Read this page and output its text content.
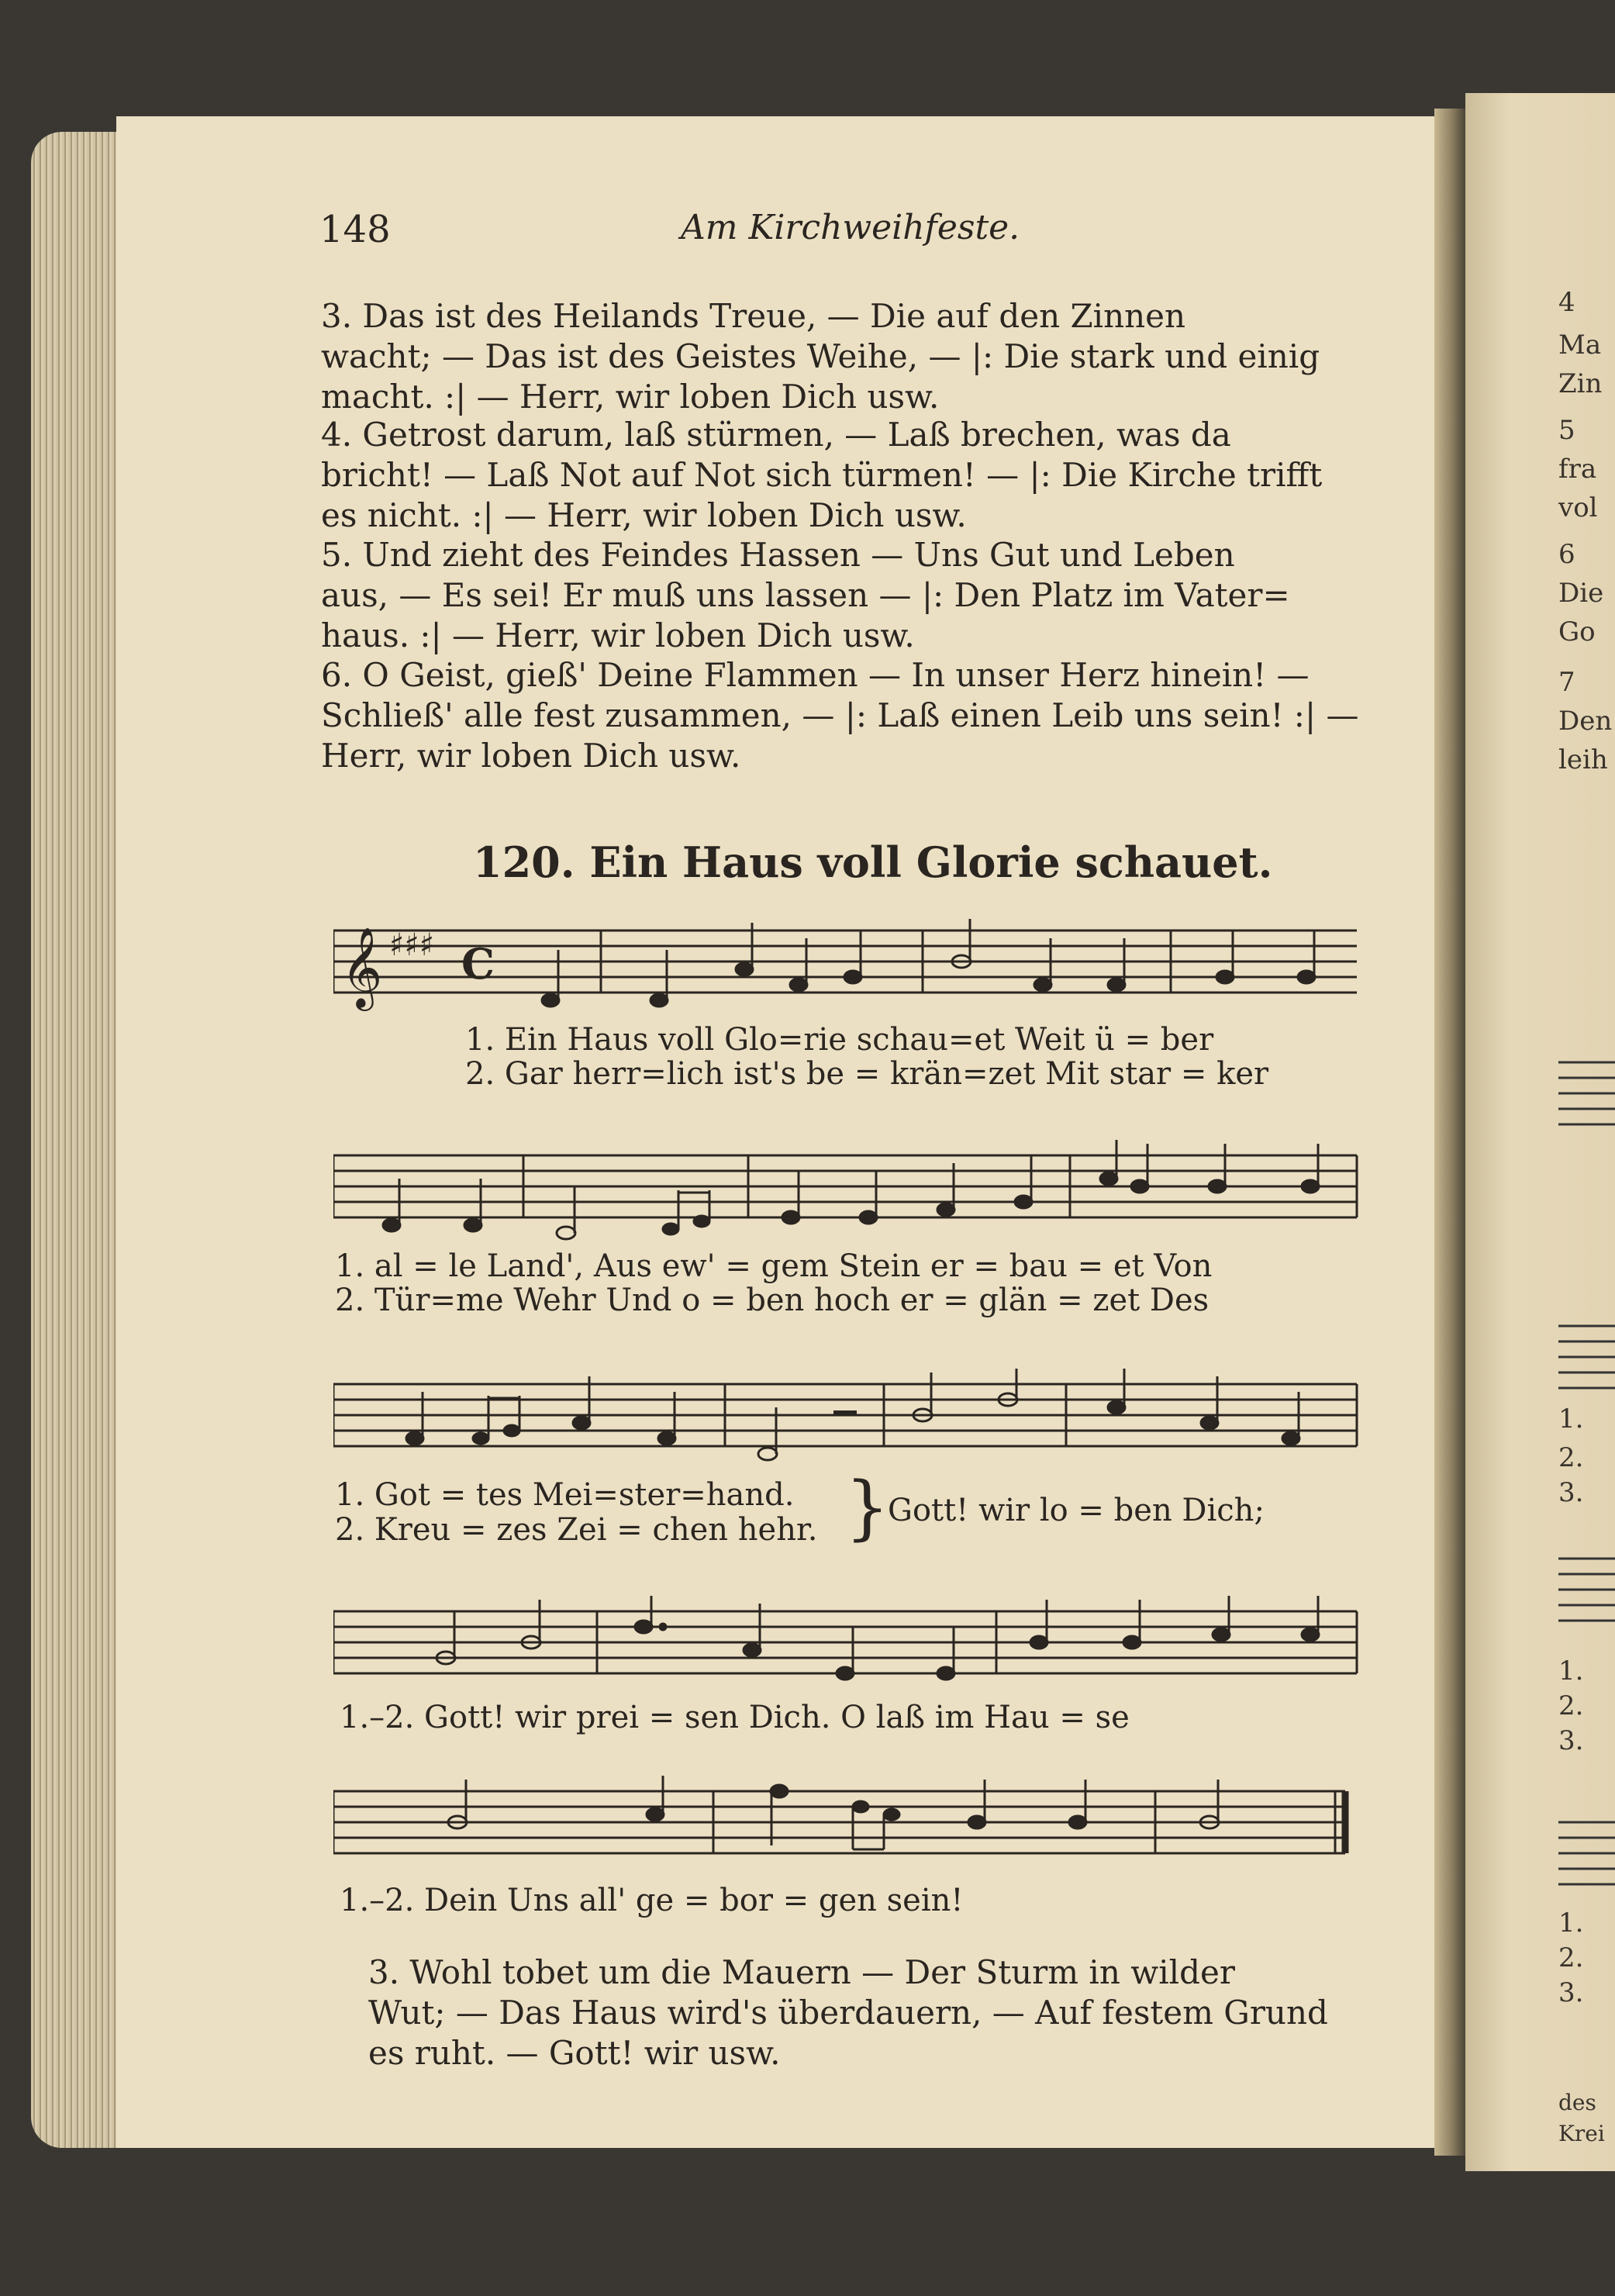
4
Ma
Zin
5
fra
vol
6
Die
Go
7
Den
leih
1.
2.
3.
1.
2.
3.
1.
2.
3.
des
Krei
148	Am Kirchweihfeste.
3. Das ist des Heilands Treue, — Die auf den Zinnen
wacht; — Das ist des Geistes Weihe, — |: Die stark und einig
macht. :| — Herr, wir loben Dich usw.
4. Getrost darum, laß stürmen, — Laß brechen, was da
bricht! — Laß Not auf Not sich türmen! — |: Die Kirche trifft
es nicht. :| — Herr, wir loben Dich usw.
5. Und zieht des Feindes Hassen — Uns Gut und Leben
aus, — Es sei! Er muß uns lassen — |: Den Platz im Vater=
haus. :| — Herr, wir loben Dich usw.
6. O Geist, gieß' Deine Flammen — In unser Herz hinein! —
Schließ' alle fest zusammen, — |: Laß einen Leib uns sein! :| —
Herr, wir loben Dich usw.
120. Ein Haus voll Glorie schauet.
𝄞 ♯♯♯ C
1. Ein Haus voll Glo=rie schau=et Weit ü = ber
2. Gar herr=lich ist's be = krän=zet Mit star = ker
1. al = le Land', Aus ew' = gem Stein er = bau = et Von
2. Tür=me Wehr Und o = ben hoch er = glän = zet Des
1. Got = tes Mei=ster=hand.
2. Kreu = zes Zei = chen hehr. }
Gott! wir lo = ben Dich;
1.–2. Gott! wir prei = sen Dich. O laß im Hau = se
1.–2. Dein Uns all' ge = bor = gen sein!
3. Wohl tobet um die Mauern — Der Sturm in wilder
Wut; — Das Haus wird's überdauern, — Auf festem Grund
es ruht. — Gott! wir usw.
